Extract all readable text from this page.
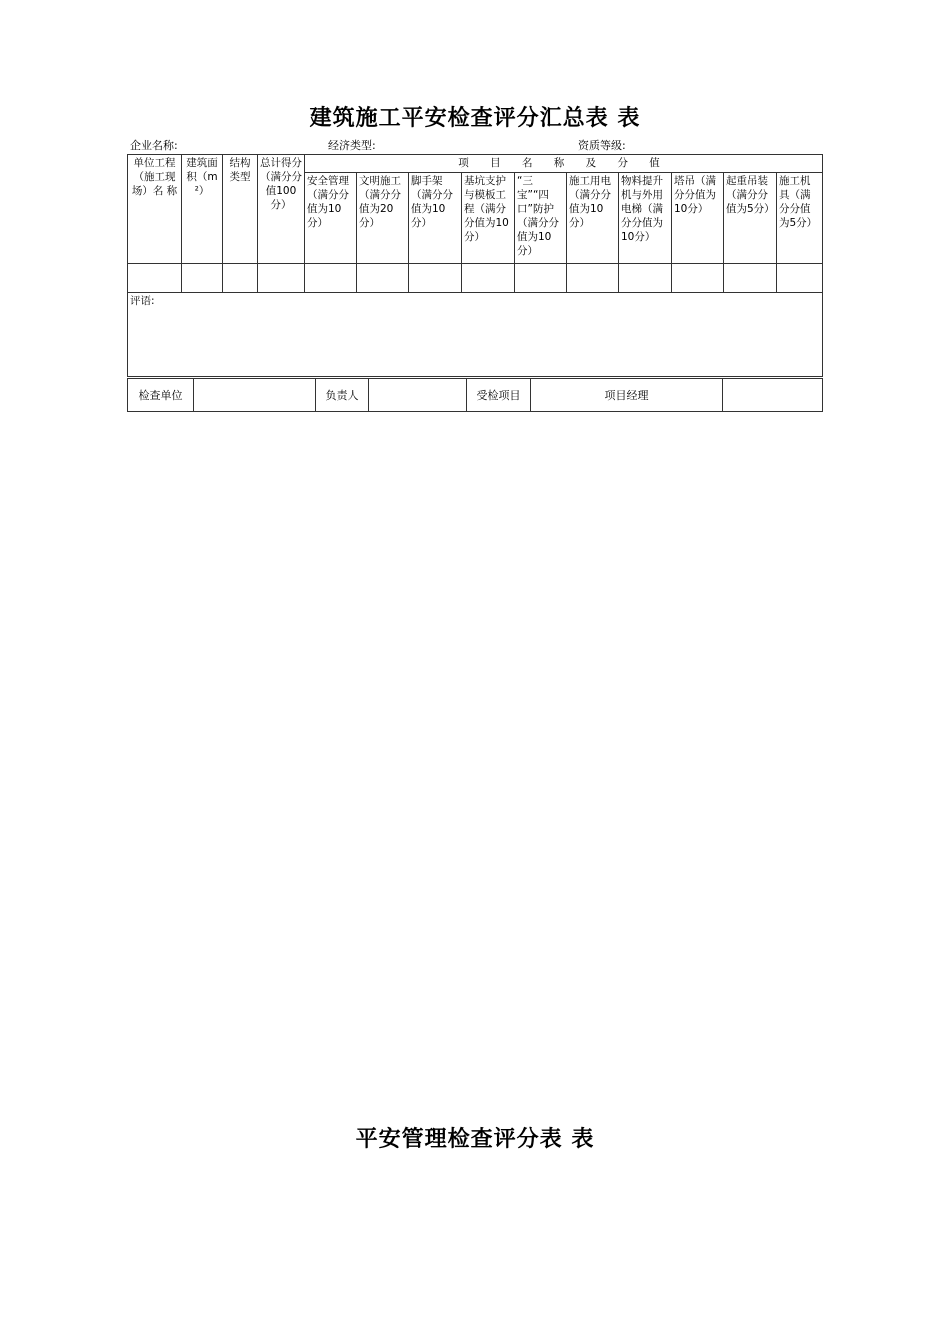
建筑施工平安检查评分汇总表 表
企业名称:	经济类型:	资质等级:
单位工程（施工现场）名 称	建筑面积（m²）	结构类型	总计得分（满分分值100分）	项 目 名 称 及 分 值									
				安全管理（满分分值为10分）	文明施工（满分分值为20分）	脚手架（满分分值为10分）	基坑支护与模板工程（满分分值为10分）	“三宝”“四口”防护（满分分值为10分）	施工用电（满分分值为10分）	物料提升机与外用电梯（满分分值为10分）	塔吊（满分分值为10分）	起重吊装（满分分值为5分）	施工机具（满分分值为5分）

评语:													
检查单位		负责人		受检项目	项目经理	
平安管理检查评分表 表
